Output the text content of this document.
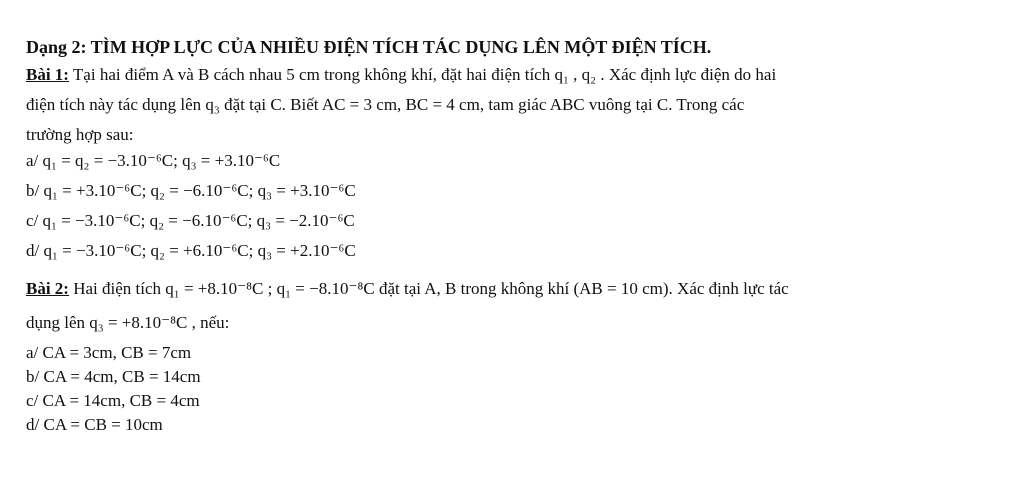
Dạng 2: TÌM HỢP LỰC CỦA NHIỀU ĐIỆN TÍCH TÁC DỤNG LÊN MỘT ĐIỆN TÍCH.
Bài 1: Tại hai điểm A và B cách nhau 5 cm trong không khí, đặt hai điện tích q₁ , q₂ . Xác định lực điện do hai
điện tích này tác dụng lên q₃ đặt tại C. Biết AC = 3 cm, BC = 4 cm, tam giác ABC vuông tại C. Trong các
trường hợp sau:
a/ q₁ = q₂ = −3.10⁻⁶C; q₃ = +3.10⁻⁶C
b/ q₁ = +3.10⁻⁶C; q₂ = −6.10⁻⁶C; q₃ = +3.10⁻⁶C
c/ q₁ = −3.10⁻⁶C; q₂ = −6.10⁻⁶C; q₃ = −2.10⁻⁶C
d/ q₁ = −3.10⁻⁶C; q₂ = +6.10⁻⁶C; q₃ = +2.10⁻⁶C
Bài 2: Hai điện tích q₁ = +8.10⁻⁸C ; q₁ = −8.10⁻⁸C đặt tại A, B trong không khí (AB = 10 cm). Xác định lực tác
dụng lên q₃ = +8.10⁻⁸C , nếu:
a/ CA = 3cm, CB = 7cm
b/ CA = 4cm, CB = 14cm
c/ CA = 14cm, CB = 4cm
d/ CA = CB = 10cm
